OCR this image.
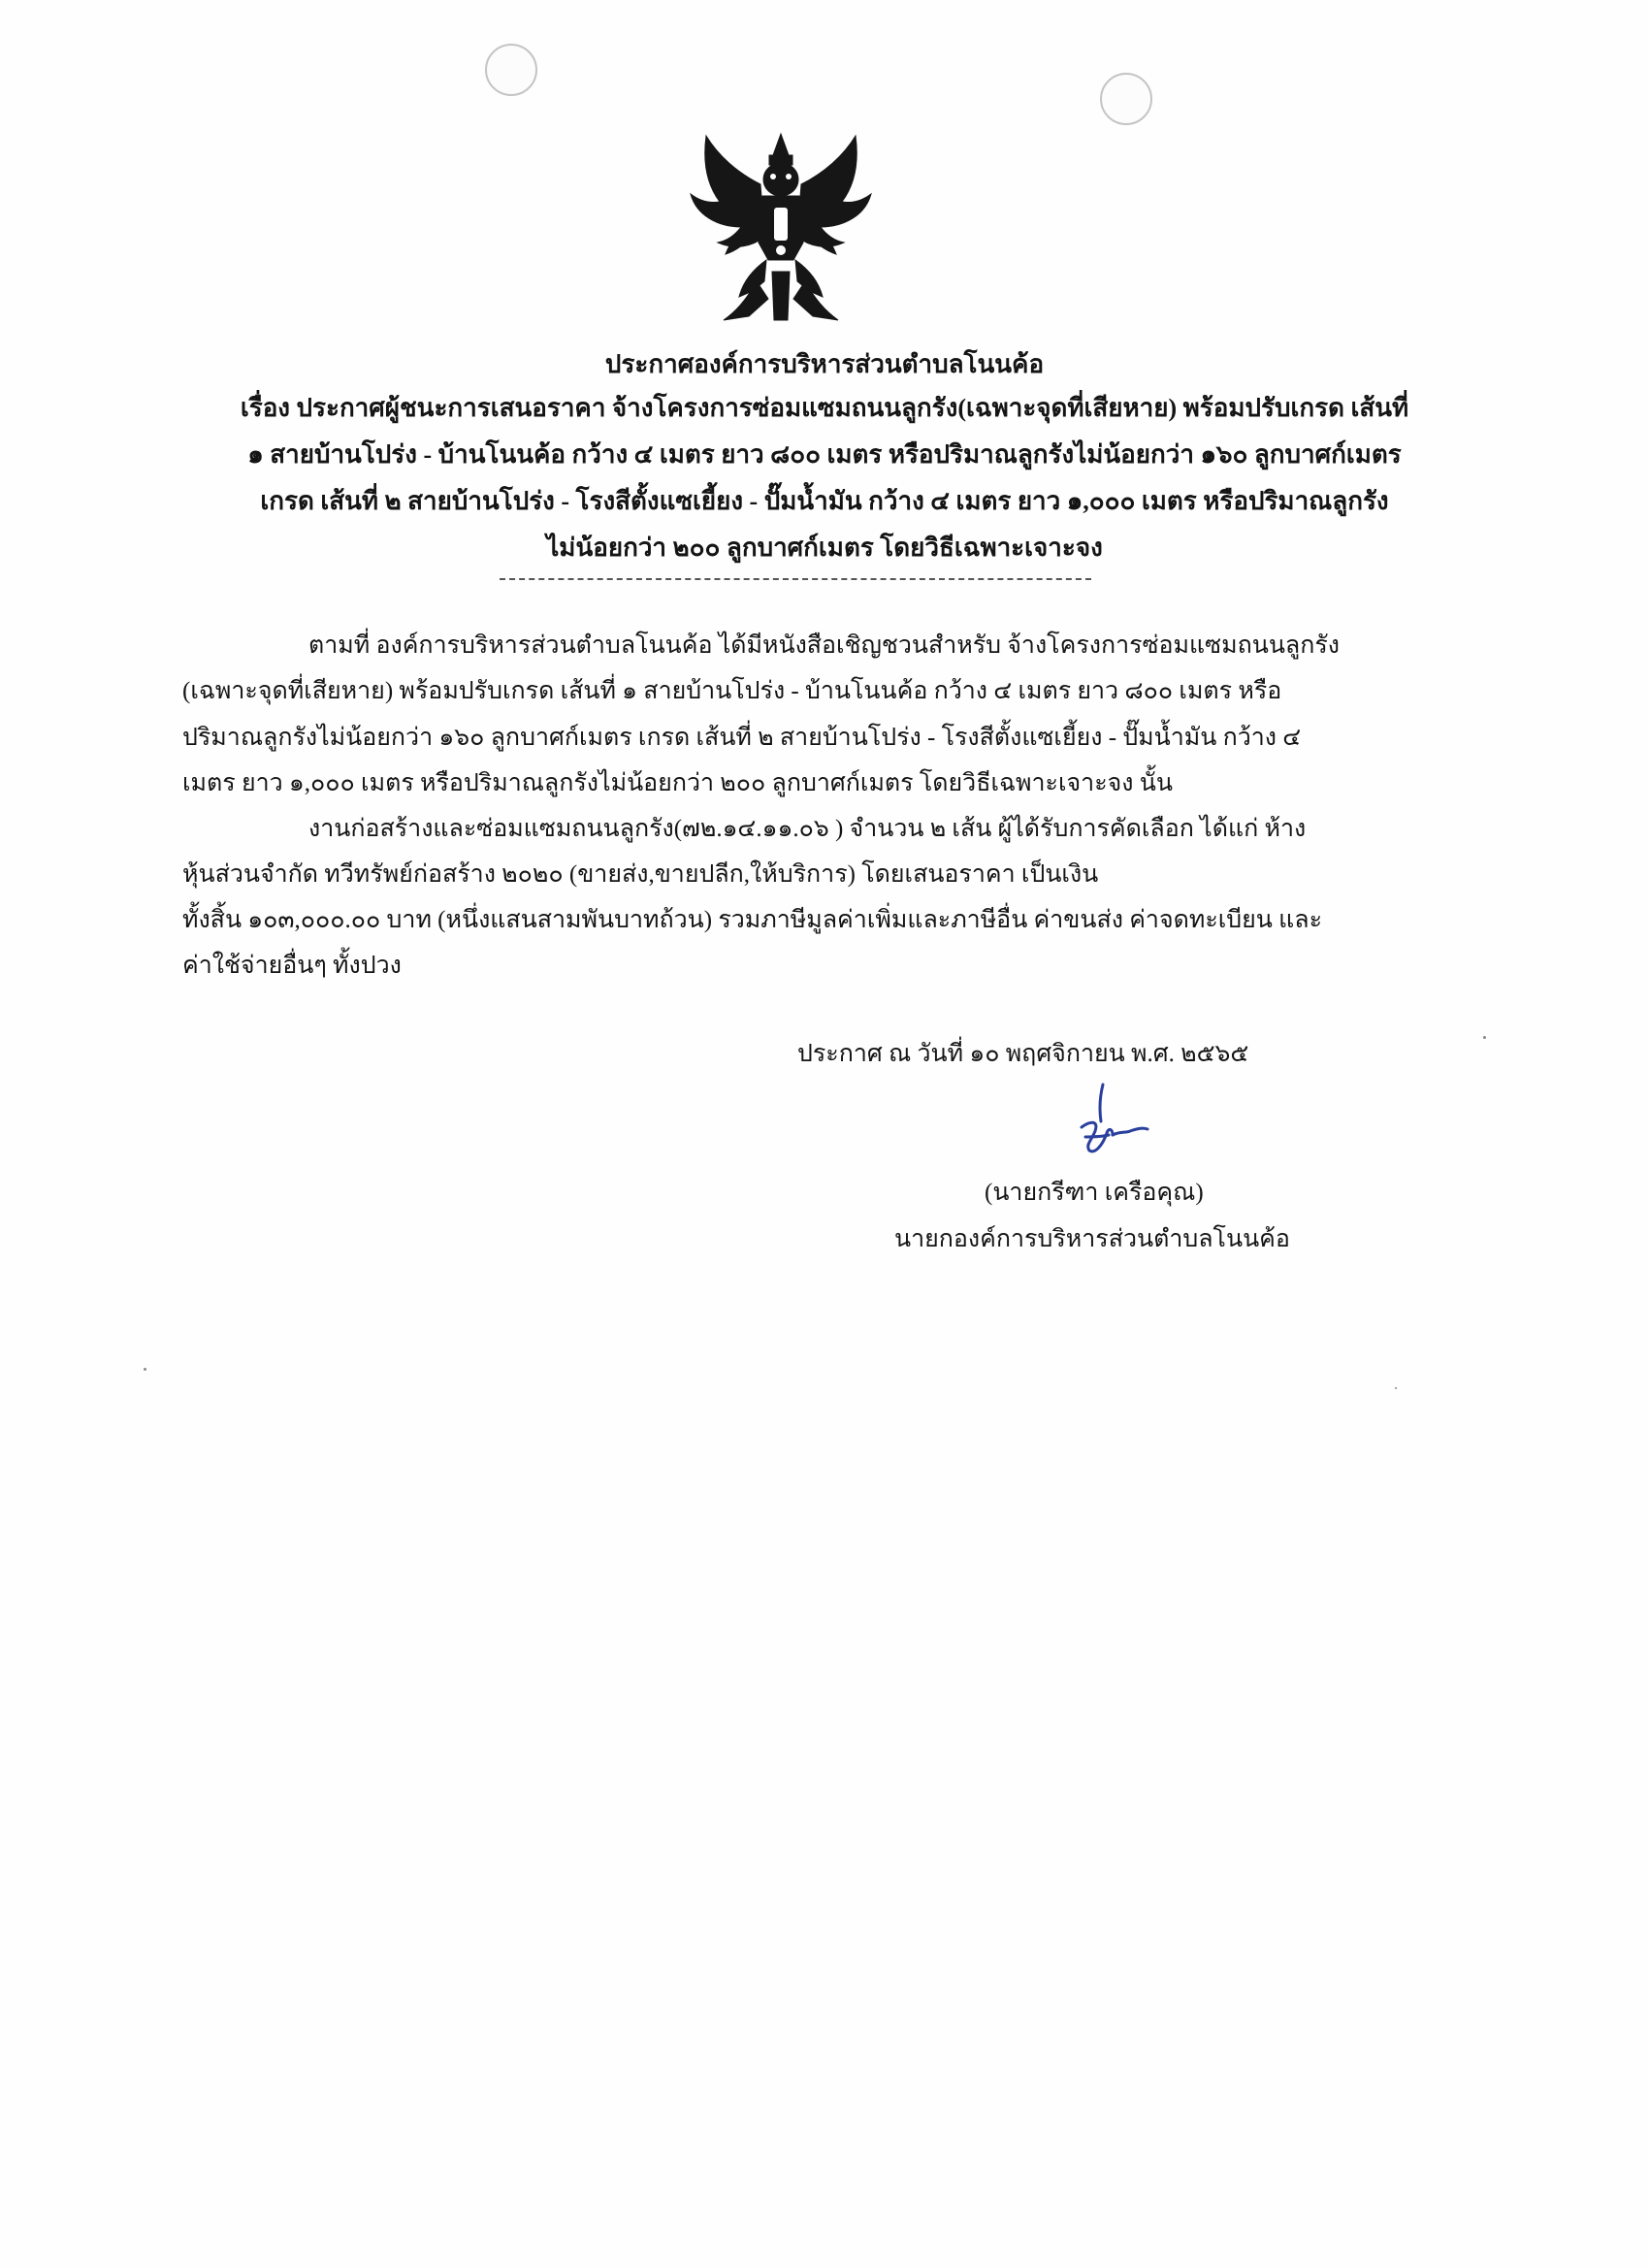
ประกาศองค์การบริหารส่วนตำบลโนนค้อ
เรื่อง ประกาศผู้ชนะการเสนอราคา จ้างโครงการซ่อมแซมถนนลูกรัง(เฉพาะจุดที่เสียหาย) พร้อมปรับเกรด เส้นที่
๑ สายบ้านโปร่ง - บ้านโนนค้อ กว้าง ๔ เมตร ยาว ๘๐๐ เมตร หรือปริมาณลูกรังไม่น้อยกว่า ๑๖๐ ลูกบาศก์เมตร
เกรด เส้นที่ ๒ สายบ้านโปร่ง - โรงสีตั้งแซเยี้ยง - ปั๊มน้ำมัน กว้าง ๔ เมตร ยาว ๑,๐๐๐ เมตร หรือปริมาณลูกรัง
ไม่น้อยกว่า ๒๐๐ ลูกบาศก์เมตร โดยวิธีเฉพาะเจาะจง
ตามที่ องค์การบริหารส่วนตำบลโนนค้อ ได้มีหนังสือเชิญชวนสำหรับ จ้างโครงการซ่อมแซมถนนลูกรัง
(เฉพาะจุดที่เสียหาย) พร้อมปรับเกรด เส้นที่ ๑ สายบ้านโปร่ง - บ้านโนนค้อ กว้าง ๔ เมตร ยาว ๘๐๐ เมตร หรือ
ปริมาณลูกรังไม่น้อยกว่า ๑๖๐ ลูกบาศก์เมตร เกรด เส้นที่ ๒ สายบ้านโปร่ง - โรงสีตั้งแซเยี้ยง - ปั๊มน้ำมัน กว้าง ๔
เมตร ยาว ๑,๐๐๐ เมตร หรือปริมาณลูกรังไม่น้อยกว่า ๒๐๐ ลูกบาศก์เมตร โดยวิธีเฉพาะเจาะจง นั้น
งานก่อสร้างและซ่อมแซมถนนลูกรัง(๗๒.๑๔.๑๑.๐๖ ) จำนวน ๒ เส้น ผู้ได้รับการคัดเลือก ได้แก่ ห้าง
หุ้นส่วนจำกัด ทวีทรัพย์ก่อสร้าง ๒๐๒๐ (ขายส่ง,ขายปลีก,ให้บริการ) โดยเสนอราคา เป็นเงิน
ทั้งสิ้น ๑๐๓,๐๐๐.๐๐ บาท (หนึ่งแสนสามพันบาทถ้วน) รวมภาษีมูลค่าเพิ่มและภาษีอื่น ค่าขนส่ง ค่าจดทะเบียน และ
ค่าใช้จ่ายอื่นๆ ทั้งปวง
ประกาศ ณ วันที่ ๑๐ พฤศจิกายน พ.ศ. ๒๕๖๕
(นายกรีฑา เครือคุณ)
นายกองค์การบริหารส่วนตำบลโนนค้อ
